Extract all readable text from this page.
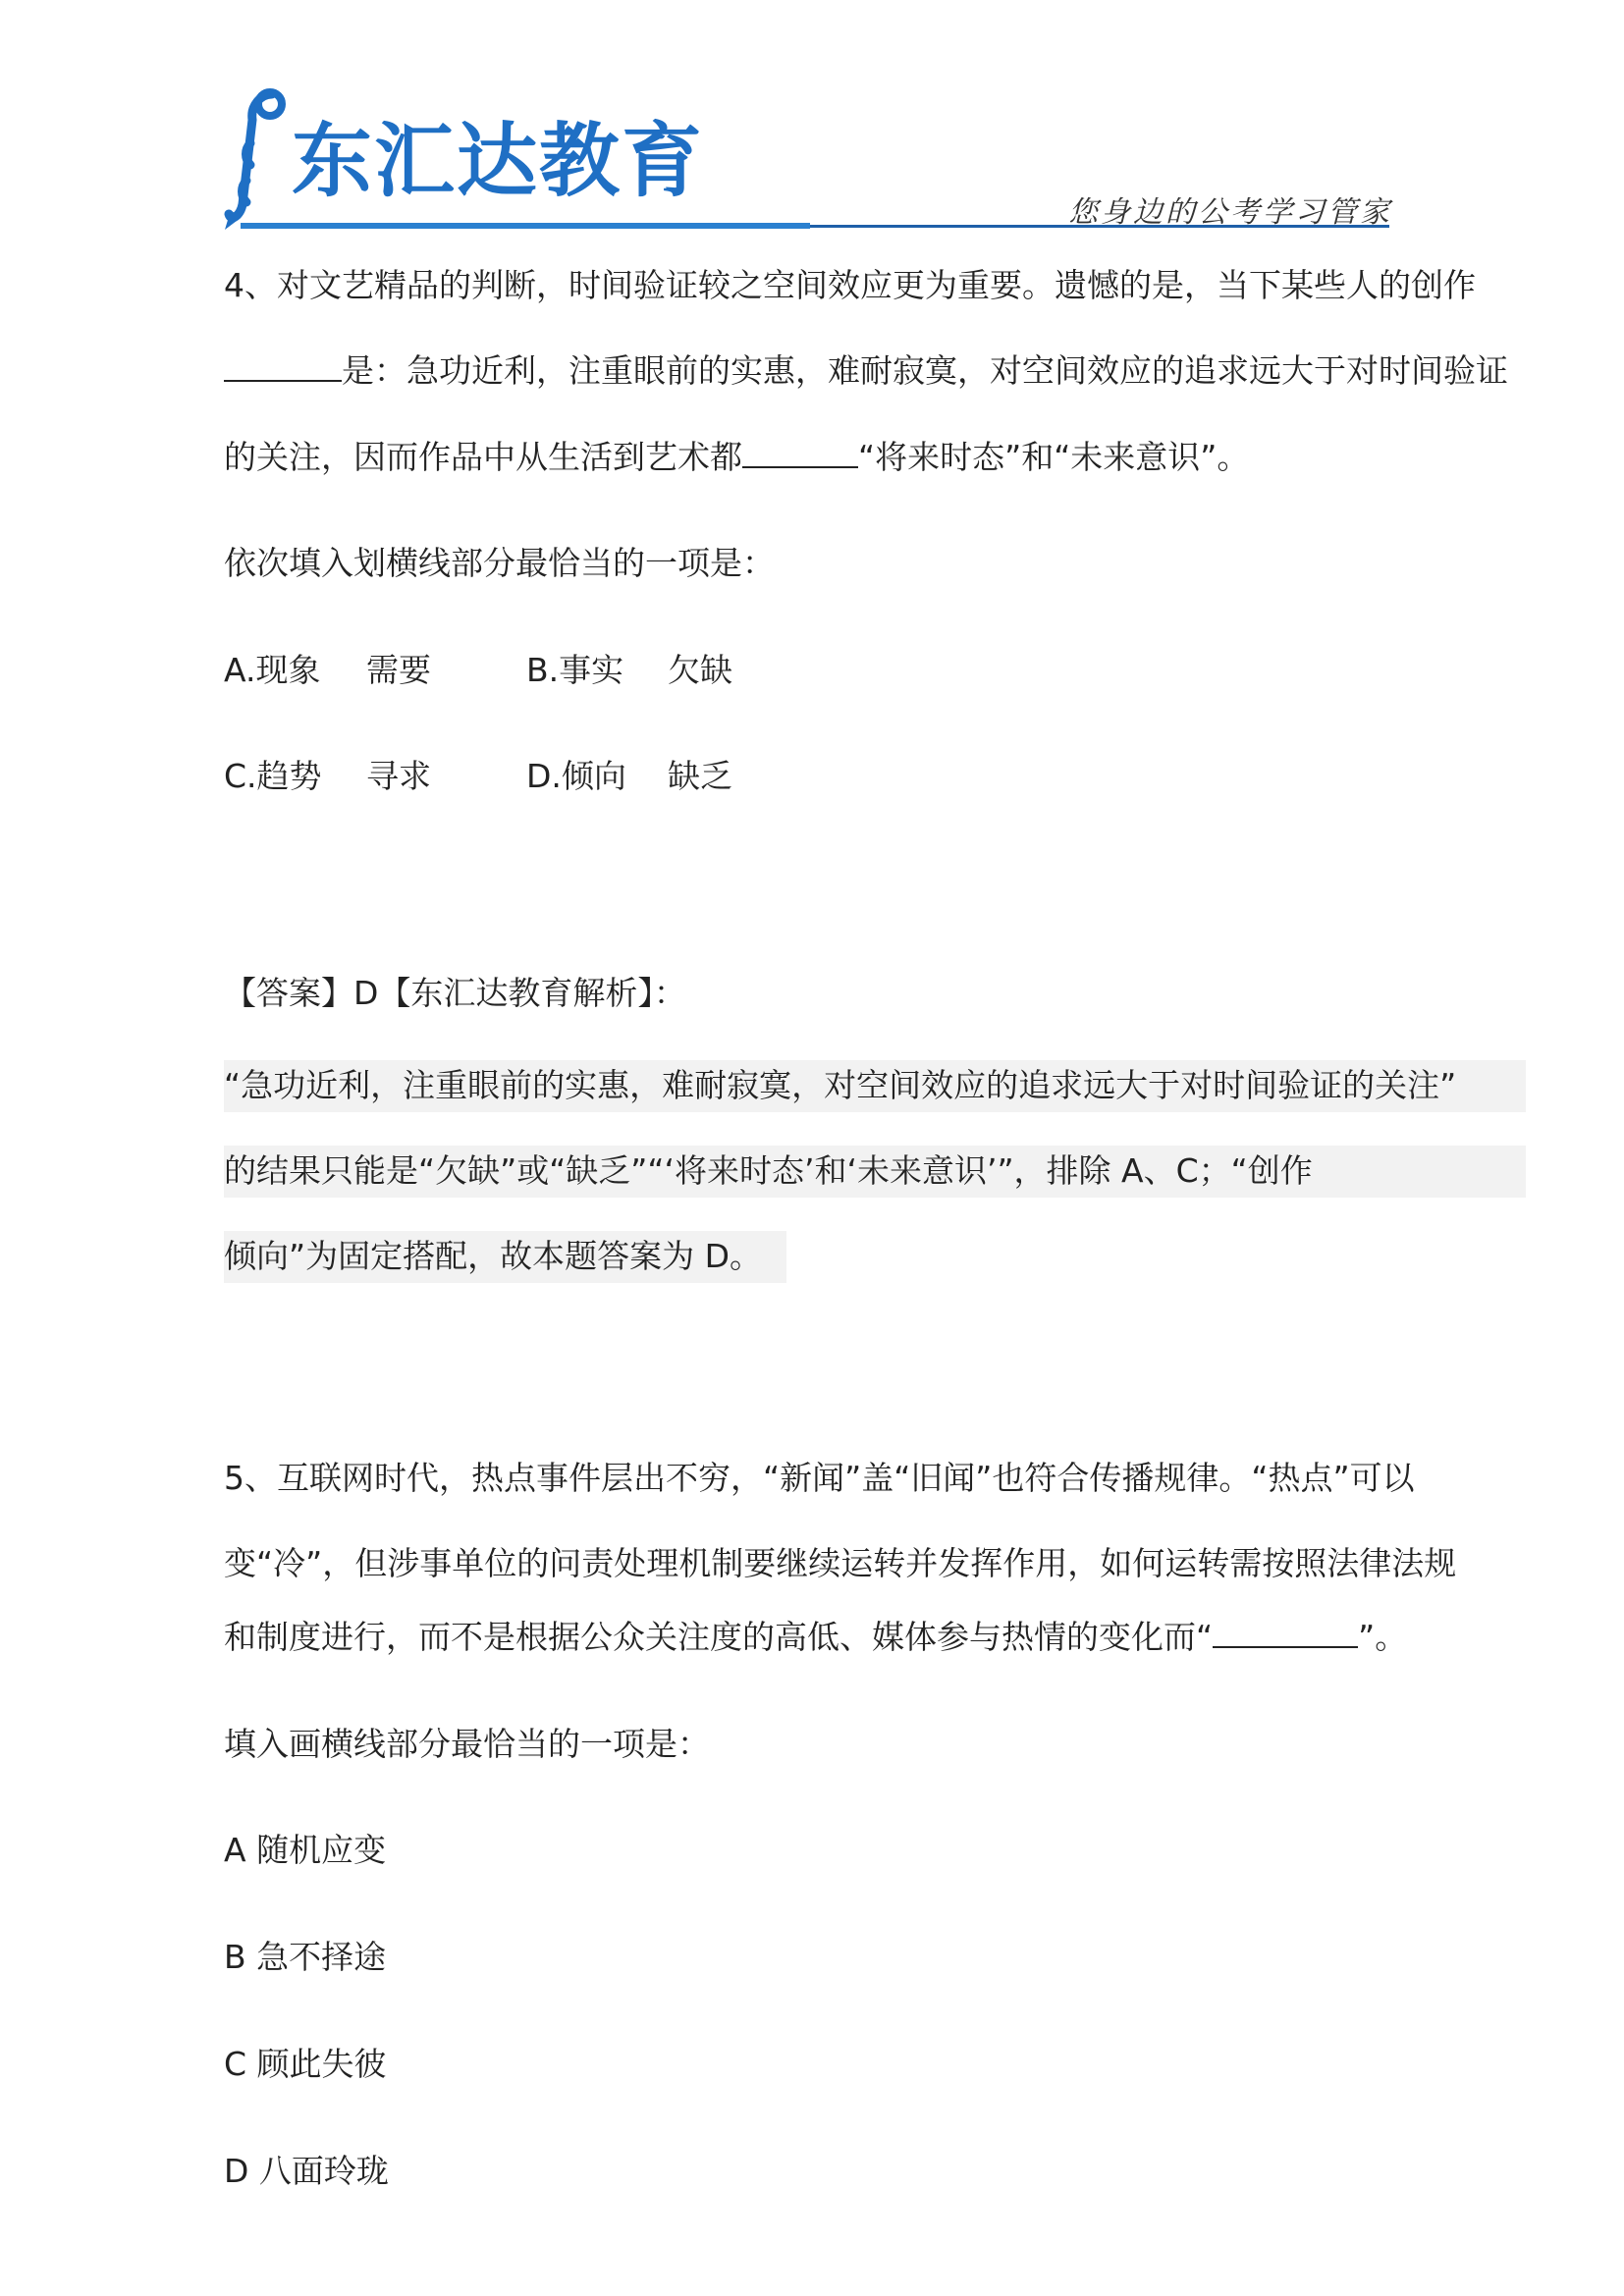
东汇达教育
您身边的公考学习管家
4、对文艺精品的判断，时间验证较之空间效应更为重要。遗憾的是，当下某些人的创作
是：急功近利，注重眼前的实惠，难耐寂寞，对空间效应的追求远大于对时间验证
的关注，因而作品中从生活到艺术都	“将来时态”和“未来意识”。
依次填入划横线部分最恰当的一项是：
A.现象 需要	B.事实 欠缺
C.趋势 寻求	D.倾向 缺乏
【答案】D【东汇达教育解析】：
“急功近利，注重眼前的实惠，难耐寂寞，对空间效应的追求远大于对时间验证的关注”
的结果只能是“欠缺”或“缺乏”“‘将来时态’和‘未来意识’”，排除 A、C；“创作
倾向”为固定搭配，故本题答案为 D。
5、互联网时代，热点事件层出不穷，“新闻”盖“旧闻”也符合传播规律。“热点”可以
变“冷”，但涉事单位的问责处理机制要继续运转并发挥作用，如何运转需按照法律法规
和制度进行，而不是根据公众关注度的高低、媒体参与热情的变化而“	”。
填入画横线部分最恰当的一项是：
A 随机应变
B 急不择途
C 顾此失彼
D 八面玲珑
